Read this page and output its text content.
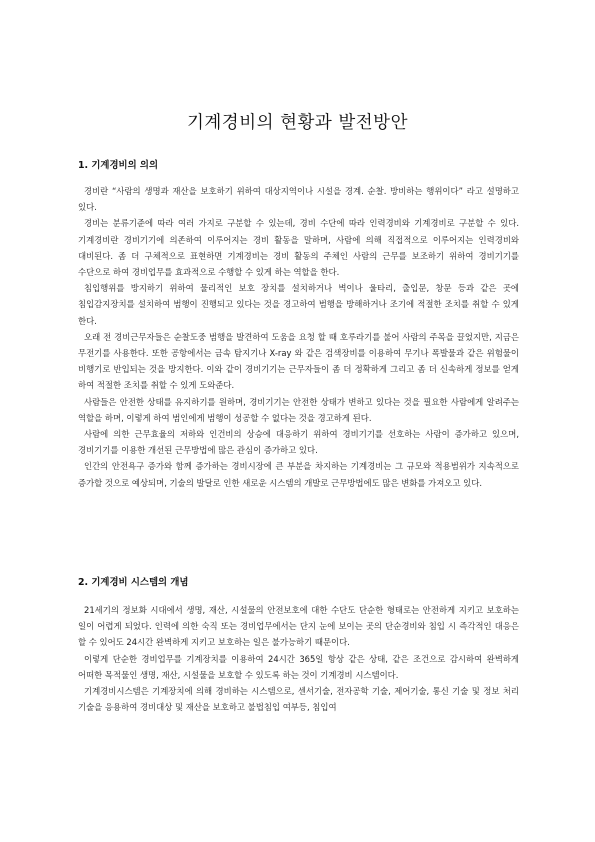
기계경비의 현황과 발전방안
1. 기계경비의 의의

경비란 “사람의 생명과 재산을 보호하기 위하여 대상지역이나 시설을 경계. 순찰. 방비하는 행위이다” 라고 설명하고 있다.

경비는 분류기준에 따라 여러 가지로 구분할 수 있는데, 경비 수단에 따라 인력경비와 기계경비로 구분할 수 있다. 기계경비란 경비기기에 의존하여 이루어지는 경비 활동을 말하며, 사람에 의해 직접적으로 이루어지는 인력경비와 대비된다. 좀 더 구체적으로 표현하면 기계경비는 경비 활동의 주체인 사람의 근무를 보조하기 위하여 경비기기를 수단으로 하여 경비업무를 효과적으로 수행할 수 있게 하는 역할을 한다.

침입행위를 방지하기 위하여 물리적인 보호 장치를 설치하거나 벽이나 울타리, 출입문, 창문 등과 같은 곳에 침입감지장치를 설치하여 범행이 진행되고 있다는 것을 경고하여 범행을 방해하거나 조기에 적절한 조치를 취할 수 있게 한다.

오래 전 경비근무자들은 순찰도중 범행을 발견하여 도움을 요청 할 때 호루라기를 불어 사람의 주목을 끌었지만, 지금은 무전기를 사용한다. 또한 공항에서는 금속 탐지기나 X-ray 와 같은 검색장비를 이용하여 무기나 폭발물과 같은 위험물이 비행기로 반입되는 것을 방지한다. 이와 같이 경비기기는 근무자들이 좀 더 정확하게 그리고 좀 더 신속하게 정보를 얻게 하여 적절한 조치를 취할 수 있게 도와준다.

사람들은 안전한 상태를 유지하기를 원하며, 경비기기는 안전한 상태가 변하고 있다는 것을 필요한 사람에게 알려주는 역할을 하며, 이렇게 하여 범인에게 범행이 성공할 수 없다는 것을 경고하게 된다.

사람에 의한 근무효율의 저하와 인건비의 상승에 대응하기 위하여 경비기기를 선호하는 사람이 증가하고 있으며, 경비기기를 이용한 개선된 근무방법에 많은 관심이 증가하고 있다.

인간의 안전욕구 증가와 함께 증가하는 경비시장에 큰 부분을 차지하는 기계경비는 그 규모와 적용범위가 지속적으로 증가할 것으로 예상되며, 기술의 발달로 인한 새로운 시스템의 개발로 근무방법에도 많은 변화를 가져오고 있다.

2. 기계경비 시스템의 개념

21세기의 정보화 시대에서 생명, 재산, 시설물의 안전보호에 대한 수단도 단순한 형태로는 안전하게 지키고 보호하는 일이 어렵게 되었다. 인력에 의한 숙직 또는 경비업무에서는 단지 눈에 보이는 곳의 단순경비와 침입 시 즉각적인 대응은 할 수 있어도 24시간 완벽하게 지키고 보호하는 일은 불가능하기 때문이다.

이렇게 단순한 경비업무를 기계장치를 이용하여 24시간 365일 항상 같은 상태, 같은 조건으로 감시하여 완벽하게 어떠한 목적물인 생명, 재산, 시설물을 보호할 수 있도록 하는 것이 기계경비 시스템이다.

기계경비시스템은 기계장치에 의해 경비하는 시스템으로, 센서기술, 전자공학 기술, 제어기술, 통신 기술 및 정보 처리 기술을 응용하여 경비대상 및 재산을 보호하고 불법침입 여부등, 침입여
